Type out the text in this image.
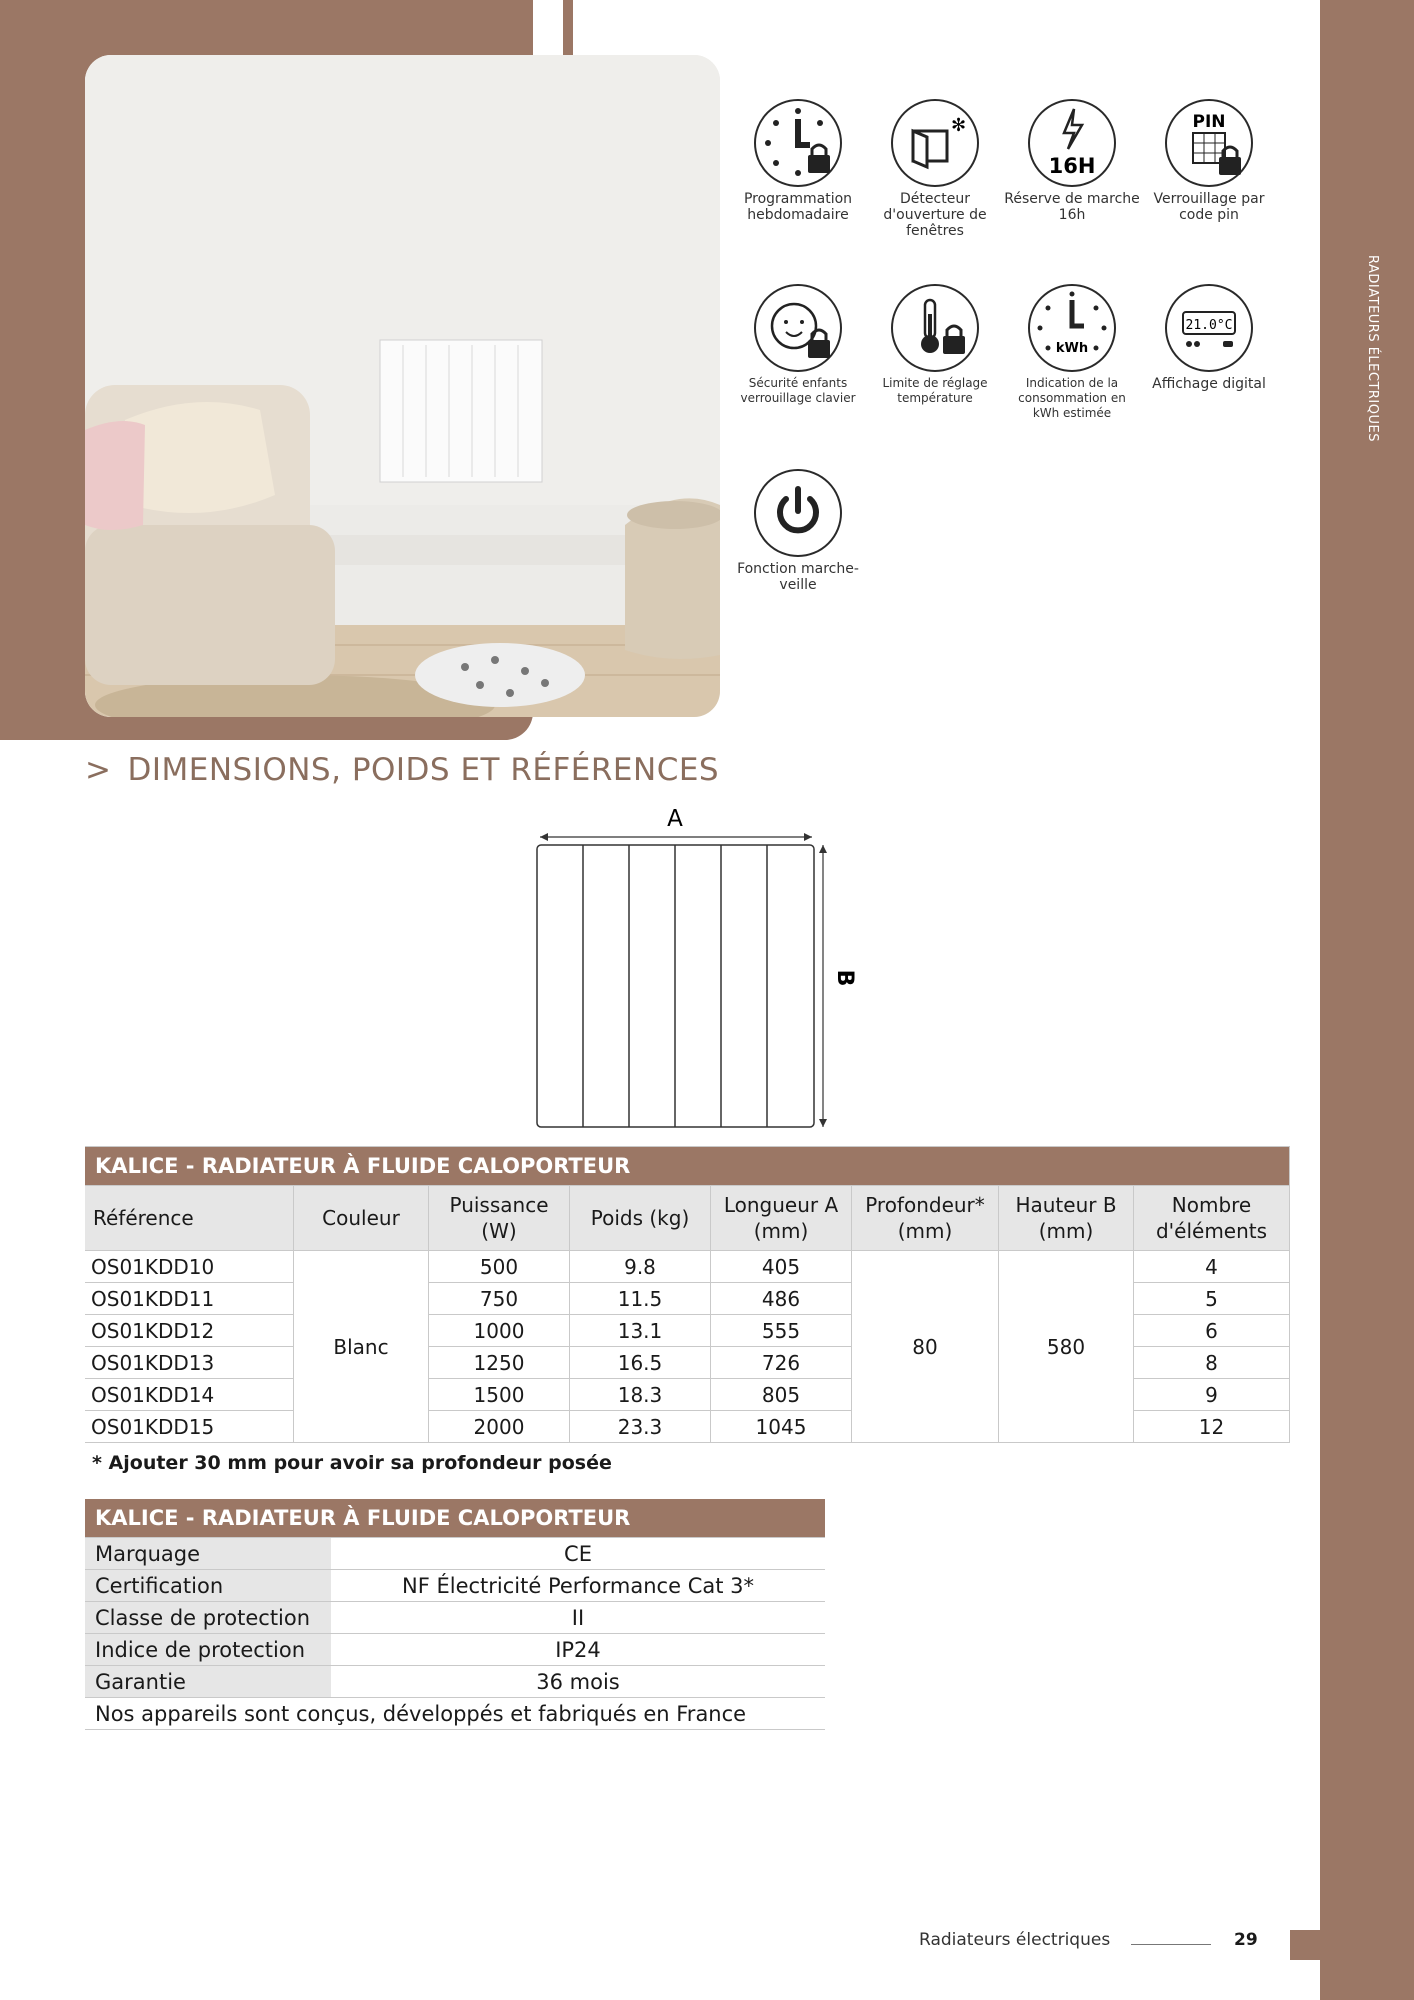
RADIATEURS ÉLECTRIQUES
Programmation hebdomadaire
✻
Détecteur d'ouverture de fenêtres
16H
Réserve de marche 16h
PIN
Verrouillage par code pin
Sécurité enfants verrouillage clavier
Limite de réglage température
kWh
Indication de la consommation en kWh estimée
21.0°C
Affichage digital
Fonction marche-veille
> DIMENSIONS, POIDS ET RÉFÉRENCES
A
B
KALICE - RADIATEUR À FLUIDE CALOPORTEUR							
Référence	Couleur	Puissance (W)	Poids (kg)	Longueur A (mm)	Profondeur* (mm)	Hauteur B (mm)	Nombre d'éléments
OS01KDD10	Blanc	500	9.8	405	80	580	4
OS01KDD11		750	11.5	486			5
OS01KDD12		1000	13.1	555			6
OS01KDD13		1250	16.5	726			8
OS01KDD14		1500	18.3	805			9
OS01KDD15		2000	23.3	1045			12
* Ajouter 30 mm pour avoir sa profondeur posée
KALICE - RADIATEUR À FLUIDE CALOPORTEUR	
Marquage	CE
Certification	NF Électricité Performance Cat 3*
Classe de protection	II
Indice de protection	IP24
Garantie	36 mois
Nos appareils sont conçus, développés et fabriqués en France	
Radiateurs électriques	29
